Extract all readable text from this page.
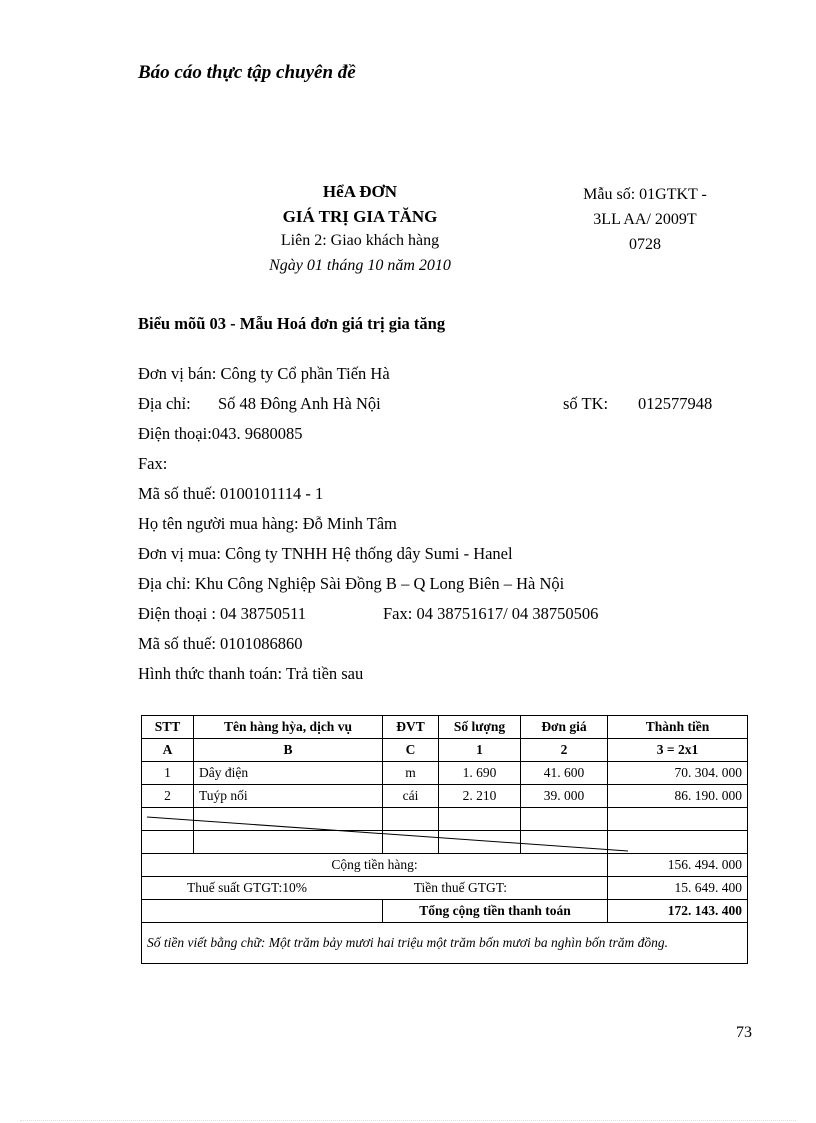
Báo cáo thực tập chuyên đề
HểA ĐƠN
GIÁ TRỊ GIA TĂNG
Liên 2: Giao khách hàng
Ngày 01 tháng 10 năm 2010
Mẫu số: 01GTKT -
3LL AA/ 2009T
0728
Biểu mõũ 03 - Mẫu Hoá đơn giá trị gia tăng
Đơn vị bán: Công ty Cổ phần Tiến Hà
Địa chỉ: Số 48 Đông Anh Hà Nội	số TK: 012577948
Điện thoại:043. 9680085
Fax:
Mã số thuế: 0100101114 - 1
Họ tên người mua hàng: Đỗ Minh Tâm
Đơn vị mua: Công ty TNHH Hệ thống dây Sumi - Hanel
Địa chỉ: Khu Công Nghiệp Sài Đồng B – Q Long Biên – Hà Nội
Điện thoại : 04 38750511	Fax: 04 38751617/ 04 38750506
Mã số thuế: 0101086860
Hình thức thanh toán: Trả tiền sau
STT	Tên hàng hỳa, dịch vụ	ĐVT	Số lượng	Đơn giá	Thành tiền
A	B	C	1	2	3 = 2x1
1	Dây điện	m	1. 690	41. 600	70. 304. 000
2	Tuýp nối	cái	2. 210	39. 000	86. 190. 000

Cộng tiền hàng:					156. 494. 000
Thuế suất GTGT:10% Tiền thuế GTGT:					15. 649. 400
		Tổng cộng tiền thanh toán			172. 143. 400
Số tiền viết bằng chữ: Một trăm bảy mươi hai triệu một trăm bốn mươi ba nghìn bốn trăm đồng.					
73
